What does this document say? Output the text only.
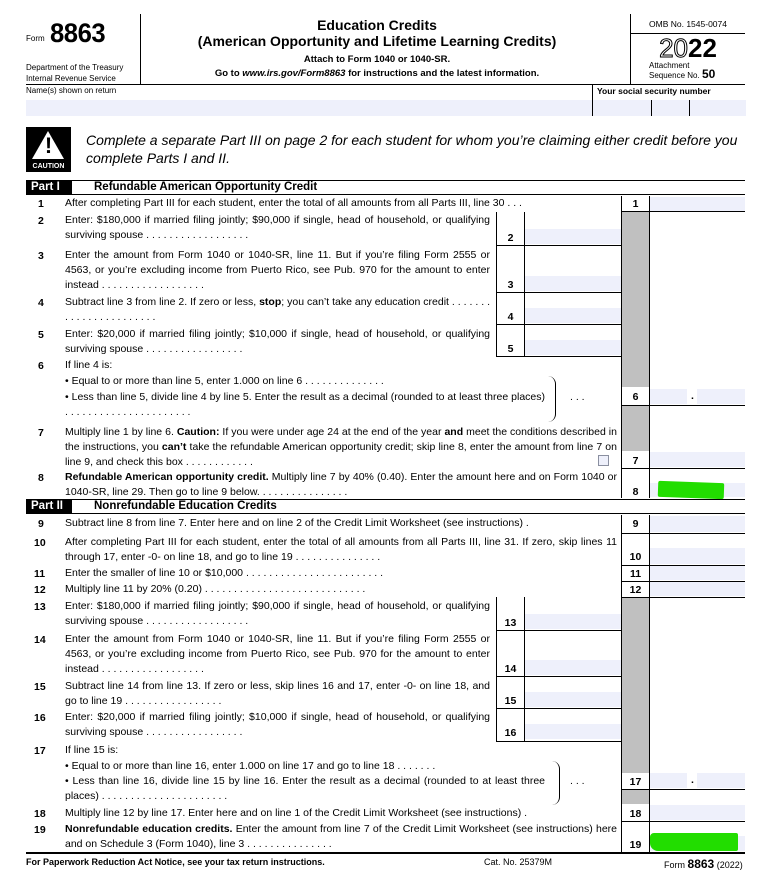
Form 8863
Department of the Treasury
Internal Revenue Service
Education Credits
(American Opportunity and Lifetime Learning Credits)
Attach to Form 1040 or 1040-SR.
Go to www.irs.gov/Form8863 for instructions and the latest information.
OMB No. 1545-0074
2022
Attachment
Sequence No. 50
Name(s) shown on return	Your social security number
!
CAUTION
Complete a separate Part III on page 2 for each student for whom you’re claiming either credit before you complete Parts I and II.
Part I	Refundable American Opportunity Credit
1	After completing Part III for each student, enter the total of all amounts from all Parts III, line 30 . . .	1
2	Enter: $180,000 if married filing jointly; $90,000 if single, head of household, or qualifying surviving spouse . . . . . . . . . . . . . . . . . .	2
3	Enter the amount from Form 1040 or 1040-SR, line 11. But if you’re filing Form 2555 or 4563, or you’re excluding income from Puerto Rico, see Pub. 970 for the amount to enter instead . . . . . . . . . . . . . . . . . .	3
4	Subtract line 3 from line 2. If zero or less, stop; you can’t take any education credit . . . . . . . . . . . . . . . . . . . . . . .	4
5	Enter: $20,000 if married filing jointly; $10,000 if single, head of household, or qualifying surviving spouse . . . . . . . . . . . . . . . . .	5
6	If line 4 is:
• Equal to or more than line 5, enter 1.000 on line 6 . . . . . . . . . . . . . .
• Less than line 5, divide line 4 by line 5. Enter the result as a decimal (rounded to at least three places) . . . . . . . . . . . . . . . . . . . . . .
. . .	6	.
7	Multiply line 1 by line 6. Caution: If you were under age 24 at the end of the year and meet the conditions described in the instructions, you can’t take the refundable American opportunity credit; skip line 8, enter the amount from line 7 on line 9, and check this box . . . . . . . . . . . .	7
8	Refundable American opportunity credit. Multiply line 7 by 40% (0.40). Enter the amount here and on Form 1040 or 1040-SR, line 29. Then go to line 9 below. . . . . . . . . . . . . . . .	8
Part II	Nonrefundable Education Credits
9	Subtract line 8 from line 7. Enter here and on line 2 of the Credit Limit Worksheet (see instructions) .	9
10	After completing Part III for each student, enter the total of all amounts from all Parts III, line 31. If zero, skip lines 11 through 17, enter -0- on line 18, and go to line 19 . . . . . . . . . . . . . . .	10
11	Enter the smaller of line 10 or $10,000 . . . . . . . . . . . . . . . . . . . . . . . .	11
12	Multiply line 11 by 20% (0.20) . . . . . . . . . . . . . . . . . . . . . . . . . . . .	12
13	Enter: $180,000 if married filing jointly; $90,000 if single, head of household, or qualifying surviving spouse . . . . . . . . . . . . . . . . . .	13
14	Enter the amount from Form 1040 or 1040-SR, line 11. But if you’re filing Form 2555 or 4563, or you’re excluding income from Puerto Rico, see Pub. 970 for the amount to enter instead . . . . . . . . . . . . . . . . . .	14
15	Subtract line 14 from line 13. If zero or less, skip lines 16 and 17, enter -0- on line 18, and go to line 19 . . . . . . . . . . . . . . . . .	15
16	Enter: $20,000 if married filing jointly; $10,000 if single, head of household, or qualifying surviving spouse . . . . . . . . . . . . . . . . .	16
17	If line 15 is:
• Equal to or more than line 16, enter 1.000 on line 17 and go to line 18 . . . . . . .
• Less than line 16, divide line 15 by line 16. Enter the result as a decimal (rounded to at least three places) . . . . . . . . . . . . . . . . . . . . . .
. . .	17	.
18	Multiply line 12 by line 17. Enter here and on line 1 of the Credit Limit Worksheet (see instructions) .	18
19	Nonrefundable education credits. Enter the amount from line 7 of the Credit Limit Worksheet (see instructions) here and on Schedule 3 (Form 1040), line 3 . . . . . . . . . . . . . . .	19
For Paperwork Reduction Act Notice, see your tax return instructions.	Cat. No. 25379M	Form 8863 (2022)
